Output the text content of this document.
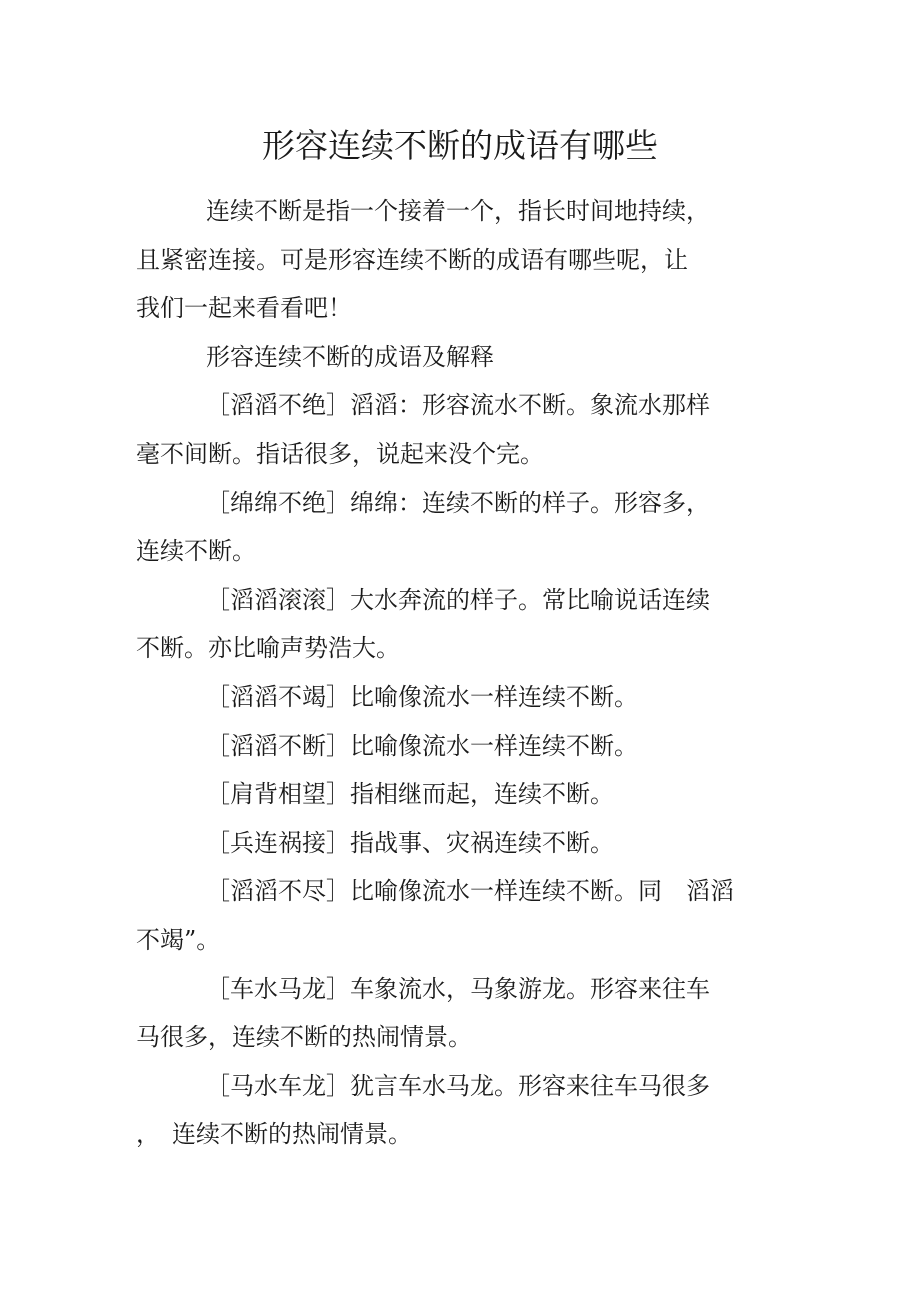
形容连续不断的成语有哪些

连续不断是指一个接着一个，指长时间地持续，

且紧密连接。可是形容连续不断的成语有哪些呢，让

我们一起来看看吧！

形容连续不断的成语及解释

［滔滔不绝］滔滔：形容流水不断。象流水那样

毫不间断。指话很多，说起来没个完。

［绵绵不绝］绵绵：连续不断的样子。形容多，

连续不断。

［滔滔滚滚］大水奔流的样子。常比喻说话连续

不断。亦比喻声势浩大。

［滔滔不竭］比喻像流水一样连续不断。

［滔滔不断］比喻像流水一样连续不断。

［肩背相望］指相继而起，连续不断。

［兵连祸接］指战事、灾祸连续不断。

［滔滔不尽］比喻像流水一样连续不断。同　滔滔

不竭”。

［车水马龙］车象流水，马象游龙。形容来往车

马很多，连续不断的热闹情景。

［马水车龙］犹言车水马龙。形容来往车马很多

，　连续不断的热闹情景。
